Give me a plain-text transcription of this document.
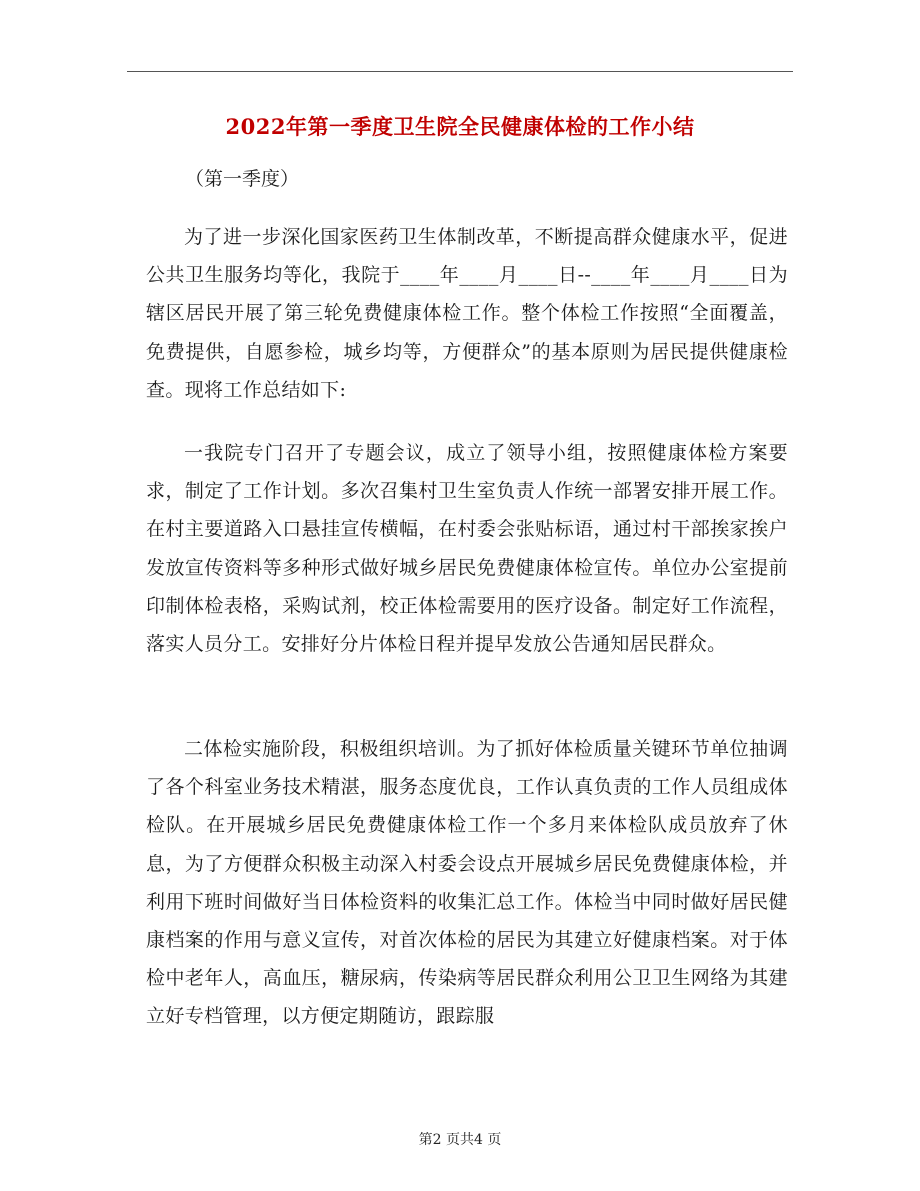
2022年第一季度卫生院全民健康体检的工作小结

（第一季度）

为了进一步深化国家医药卫生体制改革，不断提高群众健康水平，促进公共卫生服务均等化，我院于____年____月____日--____年____月____日为辖区居民开展了第三轮免费健康体检工作。整个体检工作按照“全面覆盖，免费提供，自愿参检，城乡均等，方便群众”的基本原则为居民提供健康检查。现将工作总结如下:

一我院专门召开了专题会议，成立了领导小组，按照健康体检方案要求，制定了工作计划。多次召集村卫生室负责人作统一部署安排开展工作。在村主要道路入口悬挂宣传横幅，在村委会张贴标语，通过村干部挨家挨户发放宣传资料等多种形式做好城乡居民免费健康体检宣传。单位办公室提前印制体检表格，采购试剂，校正体检需要用的医疗设备。制定好工作流程，落实人员分工。安排好分片体检日程并提早发放公告通知居民群众。

二体检实施阶段，积极组织培训。为了抓好体检质量关键环节单位抽调了各个科室业务技术精湛，服务态度优良，工作认真负责的工作人员组成体检队。在开展城乡居民免费健康体检工作一个多月来体检队成员放弃了休息，为了方便群众积极主动深入村委会设点开展城乡居民免费健康体检，并利用下班时间做好当日体检资料的收集汇总工作。体检当中同时做好居民健康档案的作用与意义宣传，对首次体检的居民为其建立好健康档案。对于体检中老年人，高血压，糖尿病，传染病等居民群众利用公卫卫生网络为其建立好专档管理，以方便定期随访，跟踪服

第2 页共4 页
